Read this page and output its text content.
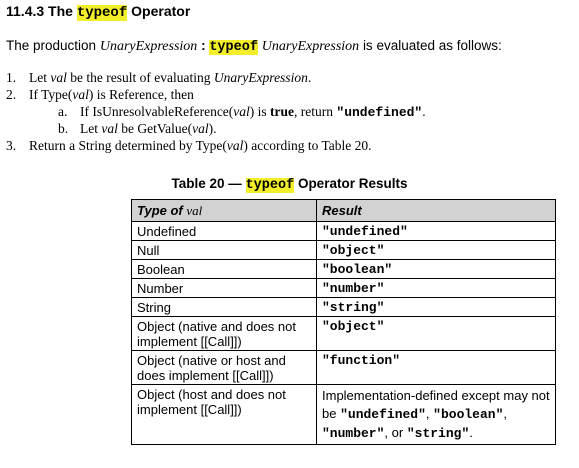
11.4.3 The typeof Operator
The production UnaryExpression : typeof UnaryExpression is evaluated as follows:
1. Let val be the result of evaluating UnaryExpression.
2. If Type(val) is Reference, then
a. If IsUnresolvableReference(val) is true, return "undefined".
b. Let val be GetValue(val).
3. Return a String determined by Type(val) according to Table 20.
Table 20 — typeof Operator Results
Type of val	Result
Undefined	"undefined"
Null	"object"
Boolean	"boolean"
Number	"number"
String	"string"
Object (native and does not implement [[Call]])	"object"
Object (native or host and does implement [[Call]])	"function"
Object (host and does not implement [[Call]])	Implementation-defined except may not be "undefined", "boolean", "number", or "string".
